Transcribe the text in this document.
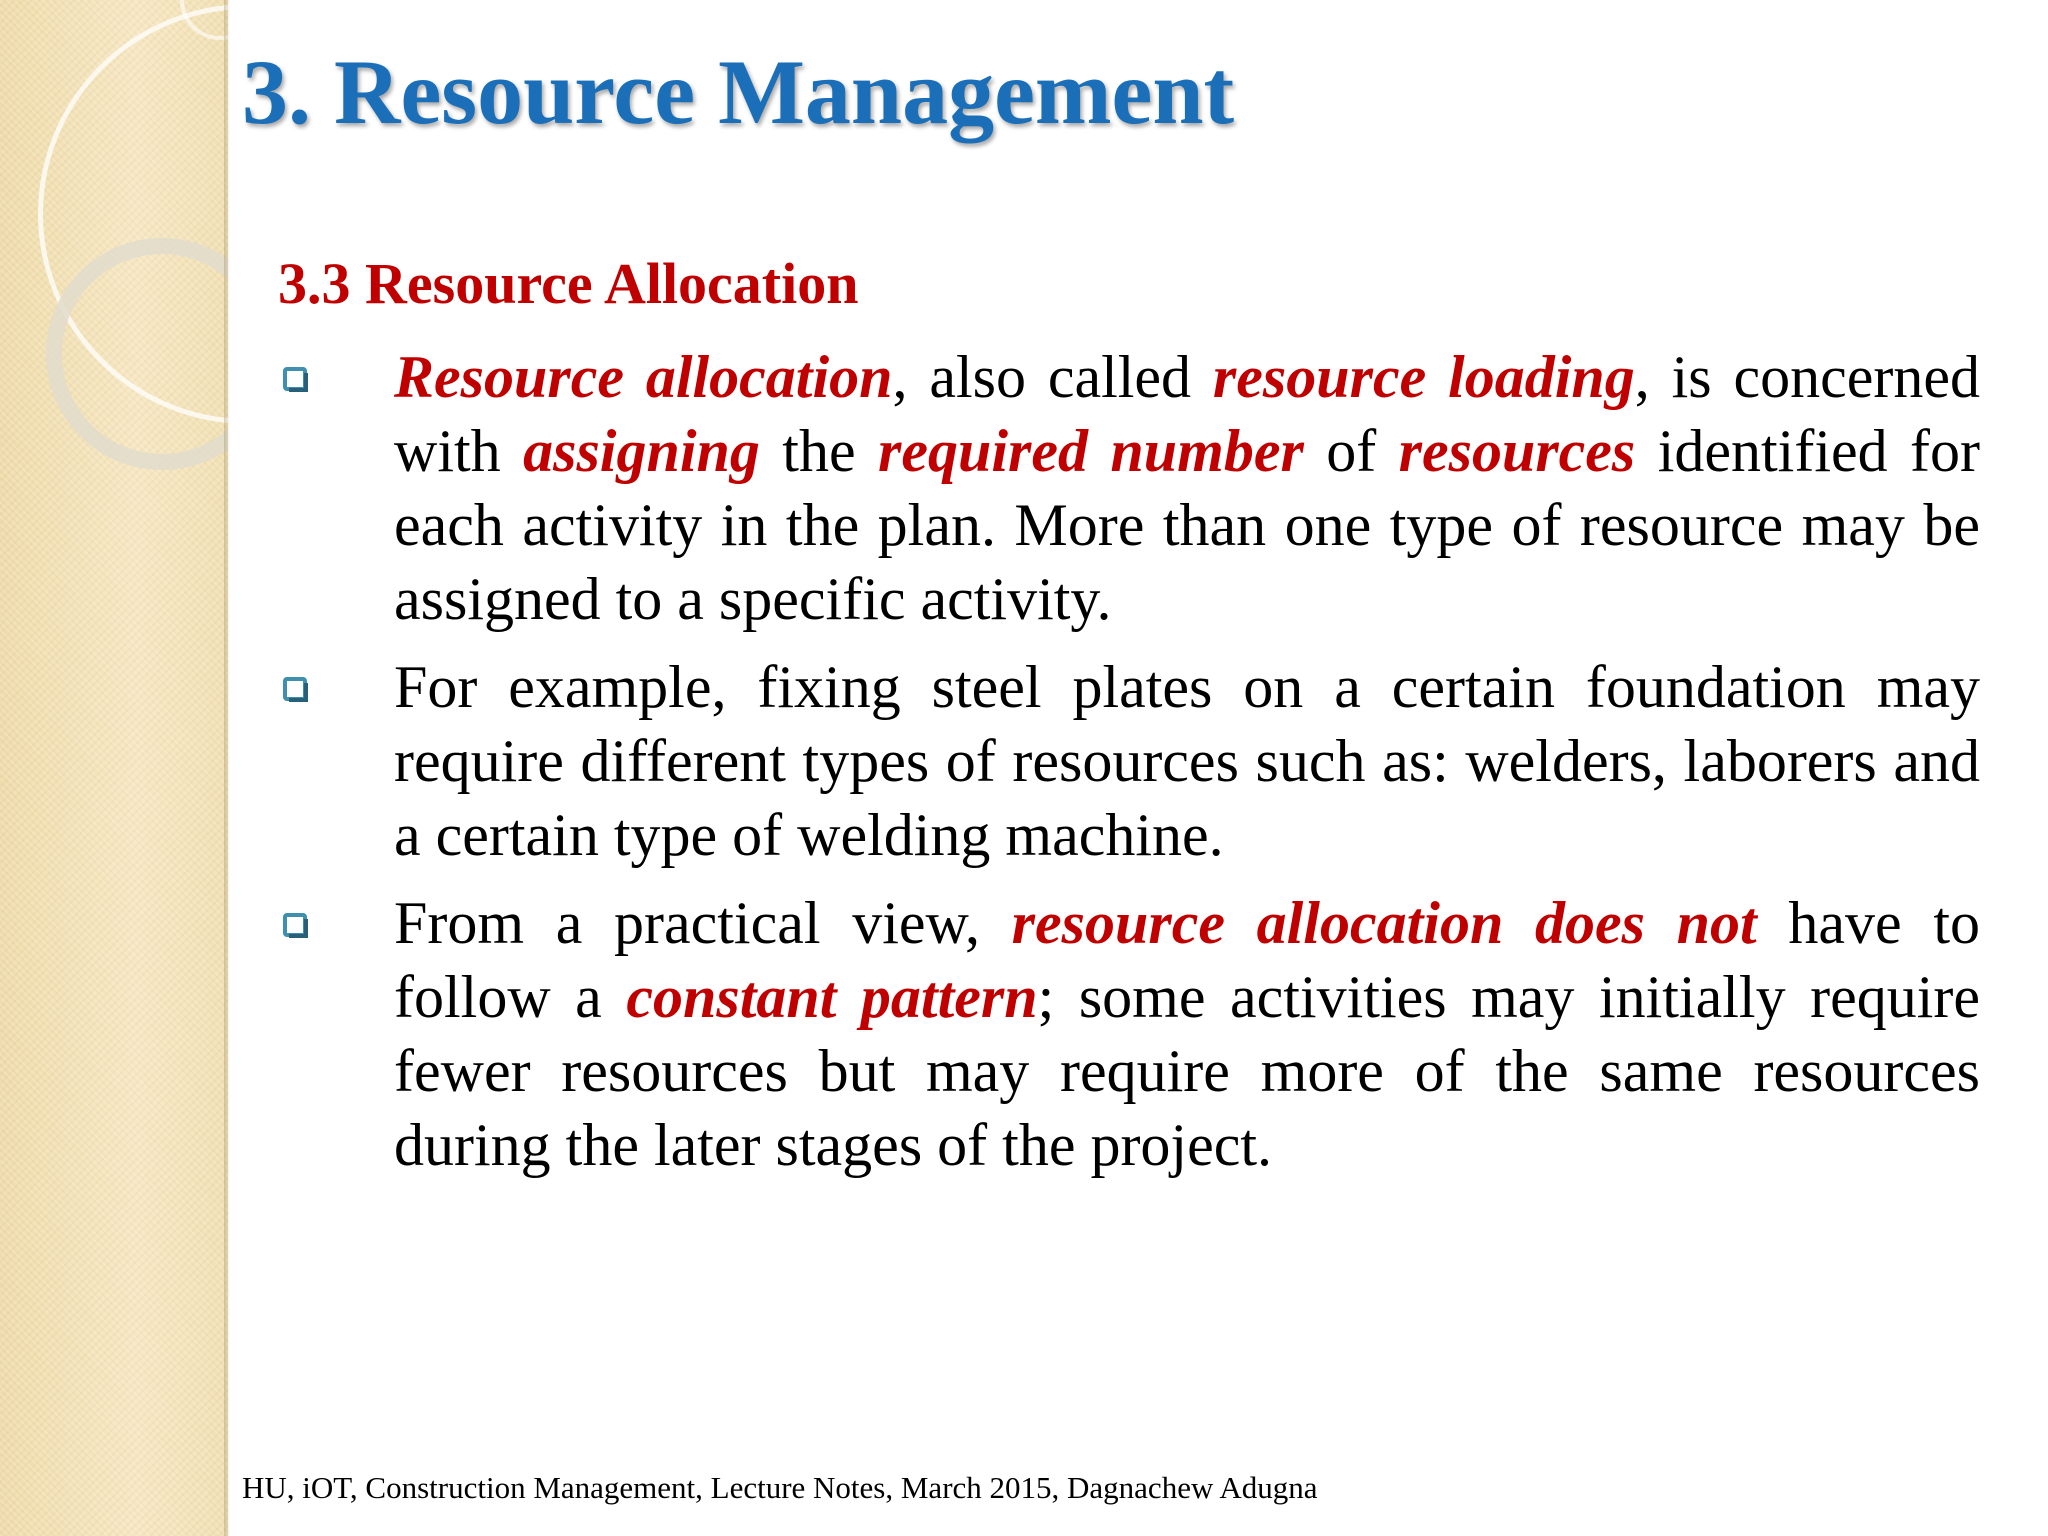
3. Resource Management
3.3 Resource Allocation
Resource allocation, also called resource loading, is concerned with assigning the required number of resources identified for each activity in the plan. More than one type of resource may be assigned to a specific activity.
For example, fixing steel plates on a certain foundation may require different types of resources such as: welders, laborers and a certain type of welding machine.
From a practical view, resource allocation does not have to follow a constant pattern; some activities may initially require fewer resources but may require more of the same resources during the later stages of the project.

HU, iOT, Construction Management, Lecture Notes, March 2015, Dagnachew Adugna
